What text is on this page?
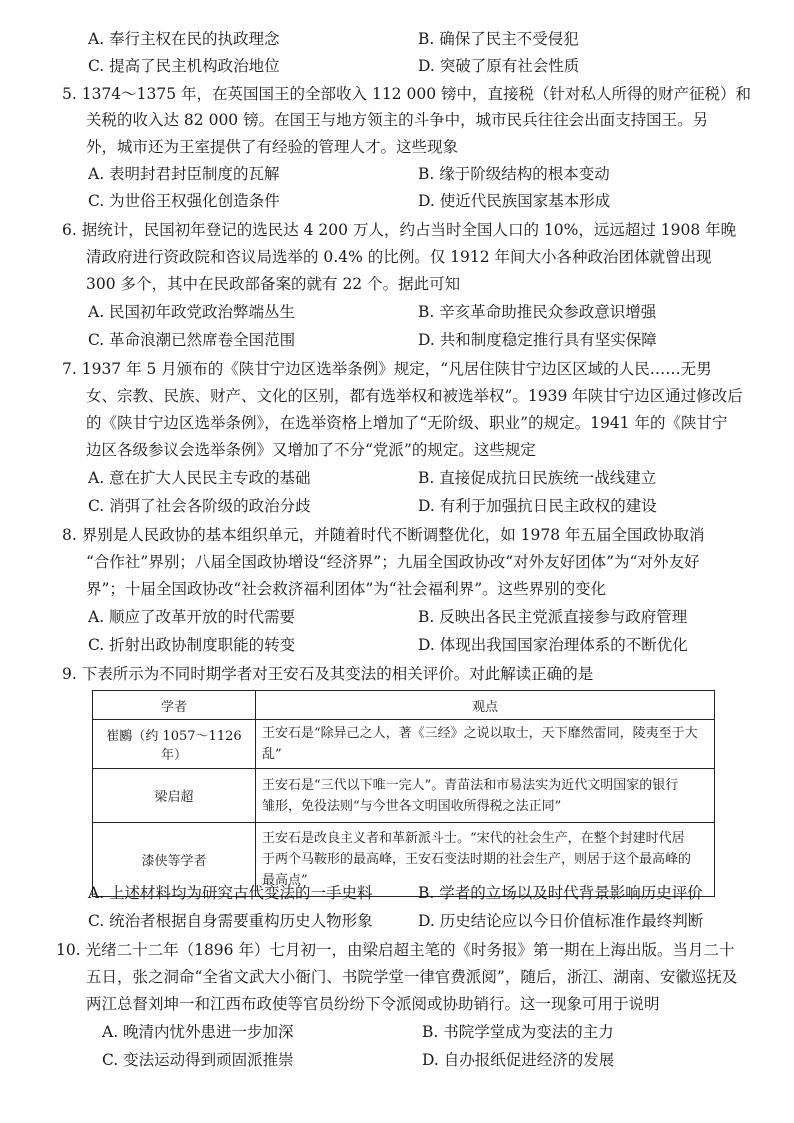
A. 奉行主权在民的执政理念	B. 确保了民主不受侵犯
C. 提高了民主机构政治地位	D. 突破了原有社会性质
5. 1374～1375 年，在英国国王的全部收入 112 000 镑中，直接税（针对私人所得的财产征税）和
关税的收入达 82 000 镑。在国王与地方领主的斗争中，城市民兵往往会出面支持国王。另
外，城市还为王室提供了有经验的管理人才。这些现象
A. 表明封君封臣制度的瓦解	B. 缘于阶级结构的根本变动
C. 为世俗王权强化创造条件	D. 使近代民族国家基本形成
6. 据统计，民国初年登记的选民达 4 200 万人，约占当时全国人口的 10%，远远超过 1908 年晚
清政府进行资政院和咨议局选举的 0.4% 的比例。仅 1912 年间大小各种政治团体就曾出现
300 多个，其中在民政部备案的就有 22 个。据此可知
A. 民国初年政党政治弊端丛生	B. 辛亥革命助推民众参政意识增强
C. 革命浪潮已然席卷全国范围	D. 共和制度稳定推行具有坚实保障
7. 1937 年 5 月颁布的《陕甘宁边区选举条例》规定，“凡居住陕甘宁边区区域的人民……无男
女、宗教、民族、财产、文化的区别，都有选举权和被选举权”。1939 年陕甘宁边区通过修改后
的《陕甘宁边区选举条例》，在选举资格上增加了“无阶级、职业”的规定。1941 年的《陕甘宁
边区各级参议会选举条例》又增加了不分“党派”的规定。这些规定
A. 意在扩大人民民主专政的基础	B. 直接促成抗日民族统一战线建立
C. 消弭了社会各阶级的政治分歧	D. 有利于加强抗日民主政权的建设
8. 界别是人民政协的基本组织单元，并随着时代不断调整优化，如 1978 年五届全国政协取消
“合作社”界别；八届全国政协增设“经济界”；九届全国政协改“对外友好团体”为“对外友好
界”；十届全国政协改“社会救济福利团体”为“社会福利界”。这些界别的变化
A. 顺应了改革开放的时代需要	B. 反映出各民主党派直接参与政府管理
C. 折射出政协制度职能的转变	D. 体现出我国国家治理体系的不断优化
9. 下表所示为不同时期学者对王安石及其变法的相关评价。对此解读正确的是
学者	观点
崔鶠（约 1057～1126 年）	王安石是“除异己之人，著《三经》之说以取士，天下靡然雷同，陵夷至于大乱”

梁启超	王安石是“三代以下唯一完人”。青苗法和市易法实为近代文明国家的银行
雏形，免役法则“与今世各文明国收所得税之法正同”

漆侠等学者	王安石是改良主义者和革新派斗士。“宋代的社会生产，在整个封建时代居
于两个马鞍形的最高峰，王安石变法时期的社会生产，则居于这个最高峰的
最高点”
A. 上述材料均为研究古代变法的一手史料	B. 学者的立场以及时代背景影响历史评价
C. 统治者根据自身需要重构历史人物形象	D. 历史结论应以今日价值标准作最终判断
10. 光绪二十二年（1896 年）七月初一，由梁启超主笔的《时务报》第一期在上海出版。当月二十
五日，张之洞命“全省文武大小衙门、书院学堂一律官费派阅”，随后，浙江、湖南、安徽巡抚及
两江总督刘坤一和江西布政使等官员纷纷下令派阅或协助销行。这一现象可用于说明
A. 晚清内忧外患进一步加深	B. 书院学堂成为变法的主力
C. 变法运动得到顽固派推崇	D. 自办报纸促进经济的发展
